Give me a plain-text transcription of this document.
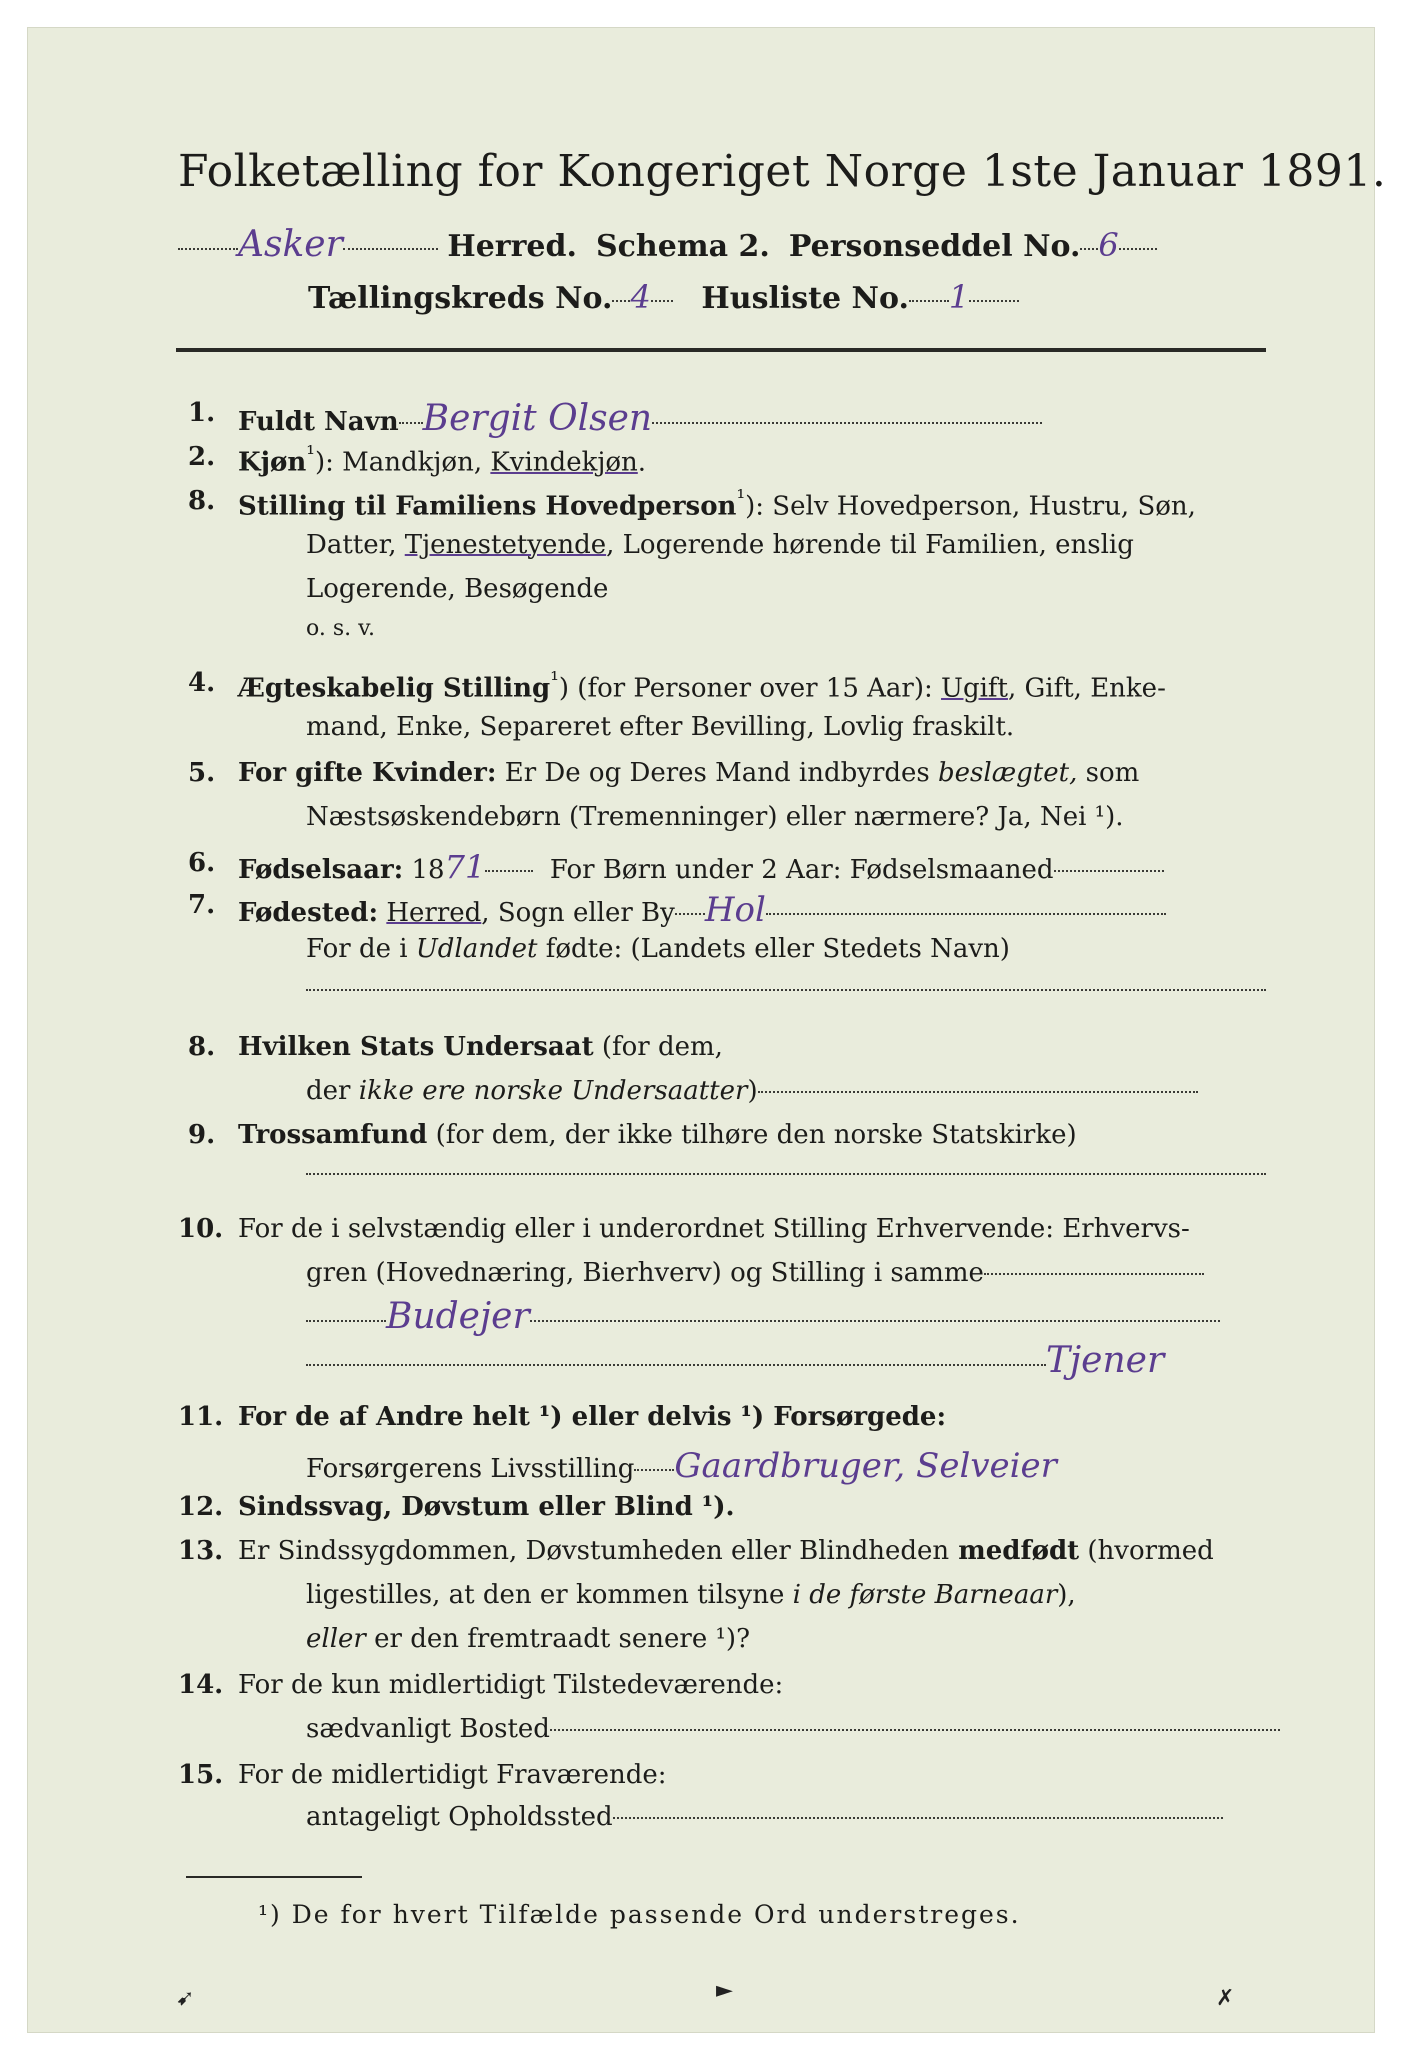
Folketælling for Kongeriget Norge 1ste Januar 1891.
Asker	Herred. Schema 2. Personseddel No. 6
Tællingskreds No. 4 Husliste No. 1
1. Fuldt Navn Bergit Olsen
2. Kjøn$^{^1}$): Mandkjøn, Kvindekjøn.
8. Stilling til Familiens Hovedperson$^{^1}$): Selv Hovedperson, Hustru, Søn,
Datter, Tjenestetyende, Logerende hørende til Familien, enslig
Logerende, Besøgende
o. s. v.
4. Ægteskabelig Stilling$^{^1}$) (for Personer over 15 Aar): Ugift, Gift, Enke-
mand, Enke, Separeret efter Bevilling, Lovlig fraskilt.
5. For gifte Kvinder: Er De og Deres Mand indbyrdes beslægtet, som
Næstsøskendebørn (Tremenninger) eller nærmere? Ja, Nei ¹).
6. Fødselsaar: 1871 For Børn under 2 Aar: Fødselsmaaned
7. Fødested: Herred, Sogn eller By Hol
For de i Udlandet fødte: (Landets eller Stedets Navn)
8. Hvilken Stats Undersaat (for dem,
der ikke ere norske Undersaatter)
9. Trossamfund (for dem, der ikke tilhøre den norske Statskirke)
10. For de i selvstændig eller i underordnet Stilling Erhvervende: Erhvervs-
gren (Hovednæring, Bierhverv) og Stilling i samme
Budejer
Tjener
11. For de af Andre helt ¹) eller delvis ¹) Forsørgede:
Forsørgerens Livsstilling Gaardbruger, Selveier
12. Sindssvag, Døvstum eller Blind ¹).
13. Er Sindssygdommen, Døvstumheden eller Blindheden medfødt (hvormed
ligestilles, at den er kommen tilsyne i de første Barneaar),
eller er den fremtraadt senere ¹)?
14. For de kun midlertidigt Tilstedeværende:
sædvanligt Bosted
15. For de midlertidigt Fraværende:
antageligt Opholdssted
¹) De for hvert Tilfælde passende Ord understreges.
➹	►	✗
